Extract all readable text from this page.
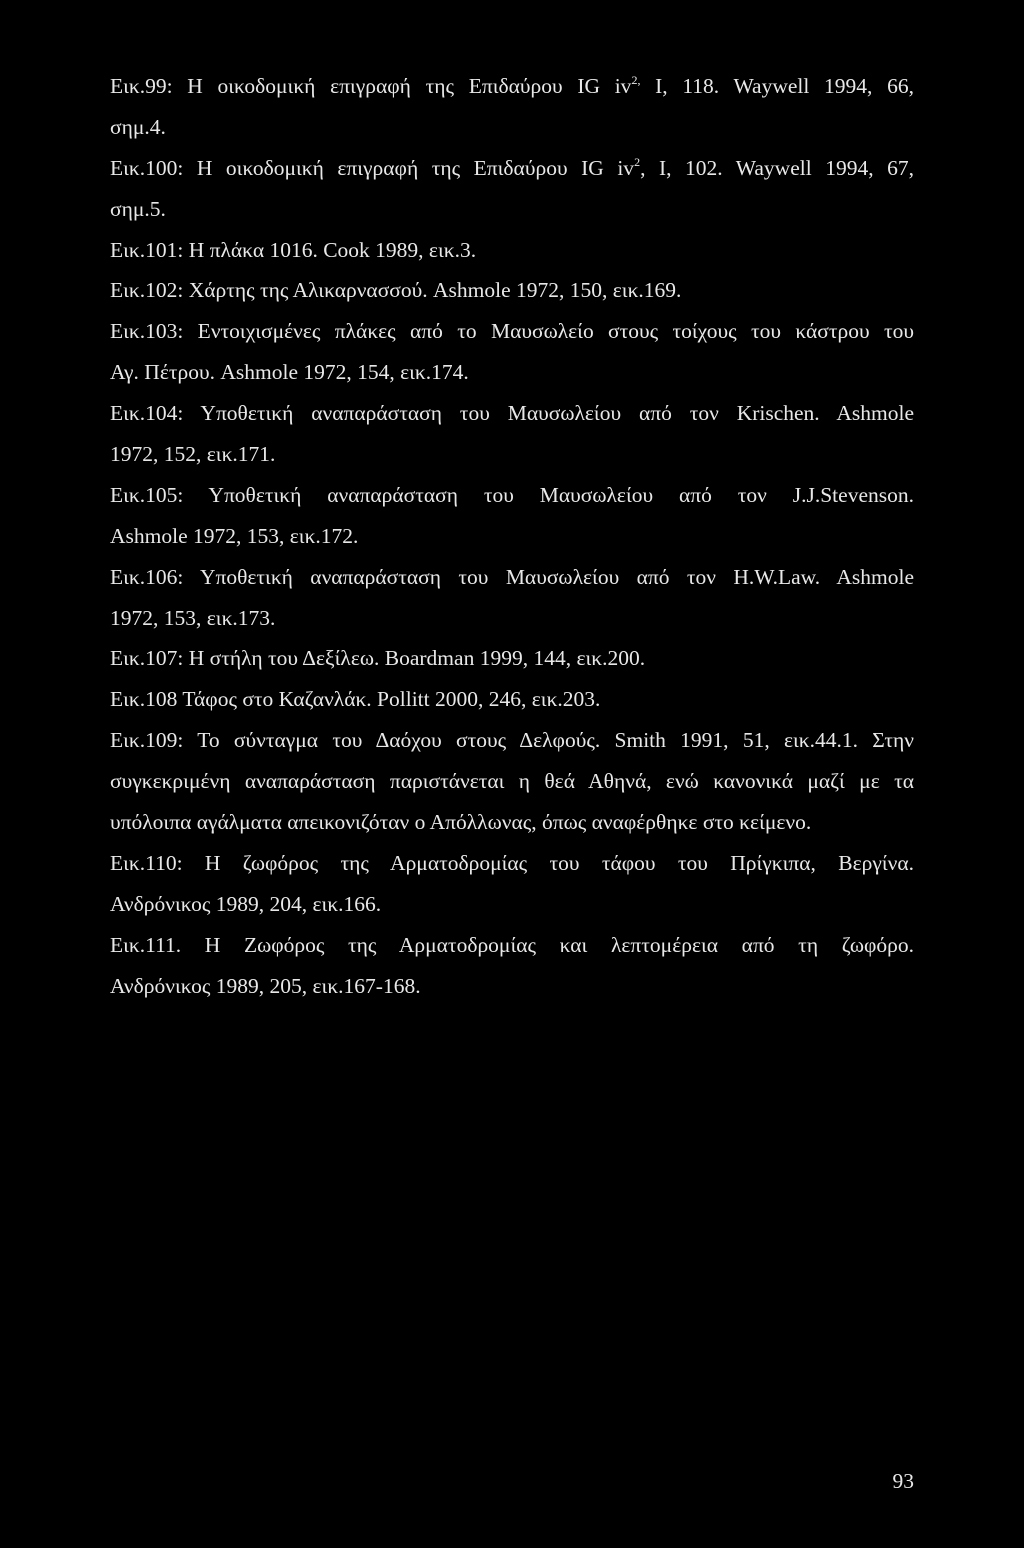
Εικ.99: Η οικοδομική επιγραφή της Επιδαύρου IG $iv^{2,}$ I, 118. Waywell 1994, 66,
σημ.4.
Εικ.100: Η οικοδομική επιγραφή της Επιδαύρου IG $iv^2$, I, 102. Waywell 1994, 67,
σημ.5.
Εικ.101: Η πλάκα 1016. Cook 1989, εικ.3.
Εικ.102: Χάρτης της Αλικαρνασσού. Ashmole 1972, 150, εικ.169.
Εικ.103: Εντοιχισμένες πλάκες από το Μαυσωλείο στους τοίχους του κάστρου του
Αγ. Πέτρου. Ashmole 1972, 154, εικ.174.
Εικ.104: Υποθετική αναπαράσταση του Μαυσωλείου από τον Krischen. Ashmole
1972, 152, εικ.171.
Εικ.105: Υποθετική αναπαράσταση του Μαυσωλείου από τον J.J.Stevenson.
Ashmole 1972, 153, εικ.172.
Εικ.106: Υποθετική αναπαράσταση του Μαυσωλείου από τον H.W.Law. Ashmole
1972, 153, εικ.173.
Εικ.107: Η στήλη του Δεξίλεω. Boardman 1999, 144, εικ.200.
Εικ.108 Τάφος στο Καζανλάκ. Pollitt 2000, 246, εικ.203.
Εικ.109: Το σύνταγμα του Δαόχου στους Δελφούς. Smith 1991, 51, εικ.44.1. Στην
συγκεκριμένη αναπαράσταση παριστάνεται η θεά Αθηνά, ενώ κανονικά μαζί με τα
υπόλοιπα αγάλματα απεικονιζόταν ο Απόλλωνας, όπως αναφέρθηκε στο κείμενο.
Εικ.110: Η ζωφόρος της Αρματοδρομίας του τάφου του Πρίγκιπα, Βεργίνα.
Ανδρόνικος 1989, 204, εικ.166.
Εικ.111. Η Ζωφόρος της Αρματοδρομίας και λεπτομέρεια από τη ζωφόρο.
Ανδρόνικος 1989, 205, εικ.167-168.
93
